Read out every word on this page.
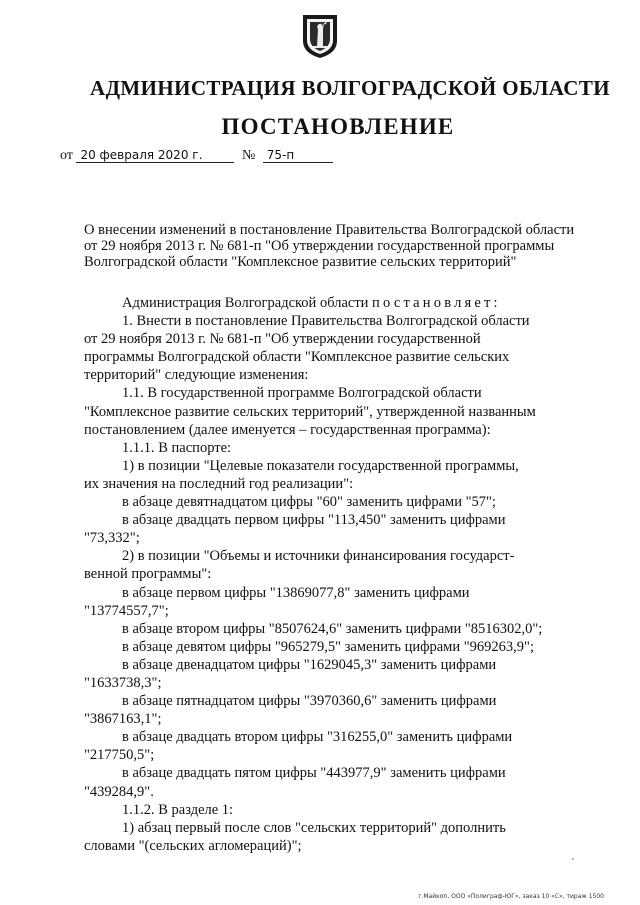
АДМИНИСТРАЦИЯ ВОЛГОГРАДСКОЙ ОБЛАСТИ
ПОСТАНОВЛЕНИЕ
от 20 февраля 2020 г.	№ 75-п
О внесении изменений в постановление Правительства Волгоградской области
от 29 ноября 2013 г. № 681-п "Об утверждении государственной программы
Волгоградской области "Комплексное развитие сельских территорий"
Администрация Волгоградской области постановляет:
1. Внести в постановление Правительства Волгоградской области
от 29 ноября 2013 г. № 681-п "Об утверждении государственной
программы Волгоградской области "Комплексное развитие сельских
территорий" следующие изменения:
1.1. В государственной программе Волгоградской области
"Комплексное развитие сельских территорий", утвержденной названным
постановлением (далее именуется – государственная программа):
1.1.1. В паспорте:
1) в позиции "Целевые показатели государственной программы,
их значения на последний год реализации":
в абзаце девятнадцатом цифры "60" заменить цифрами "57";
в абзаце двадцать первом цифры "113,450" заменить цифрами
"73,332";
2) в позиции "Объемы и источники финансирования государст-
венной программы":
в абзаце первом цифры "13869077,8" заменить цифрами
"13774557,7";
в абзаце втором цифры "8507624,6" заменить цифрами "8516302,0";
в абзаце девятом цифры "965279,5" заменить цифрами "969263,9";
в абзаце двенадцатом цифры "1629045,3" заменить цифрами
"1633738,3";
в абзаце пятнадцатом цифры "3970360,6" заменить цифрами
"3867163,1";
в абзаце двадцать втором цифры "316255,0" заменить цифрами
"217750,5";
в абзаце двадцать пятом цифры "443977,9" заменить цифрами
"439284,9".
1.1.2. В разделе 1:
1) абзац первый после слов "сельских территорий" дополнить
словами "(сельских агломераций)";
г.Майкоп, ООО «Полиграф-ЮГ», заказ 10 «С», тираж 1500
